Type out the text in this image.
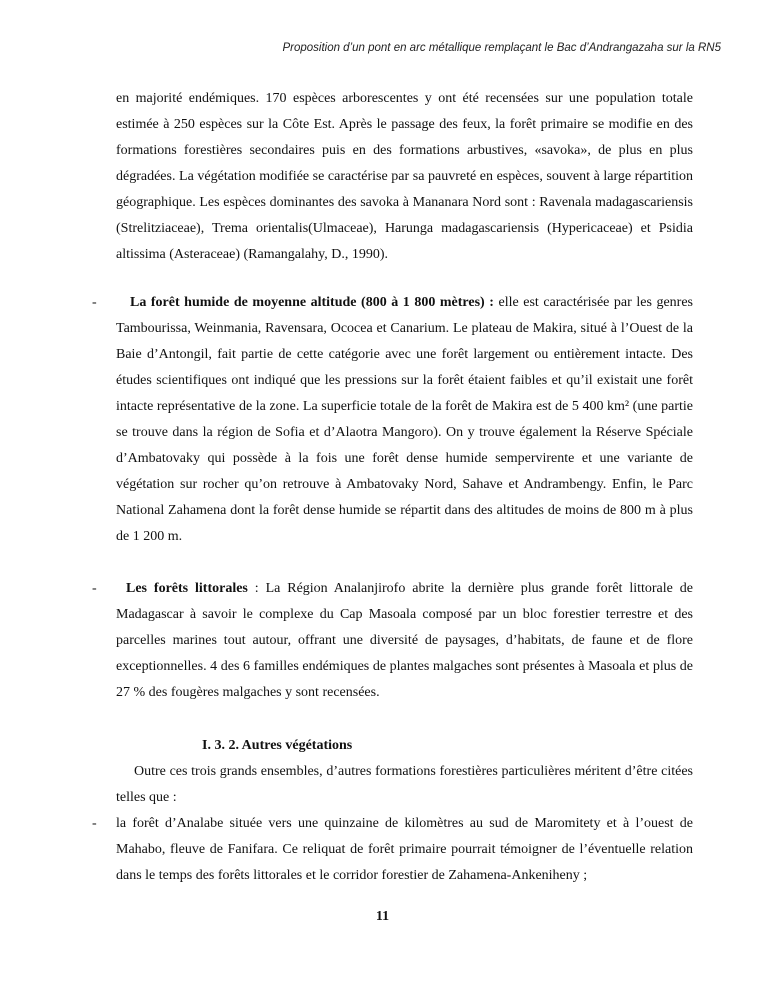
Proposition d’un pont en arc métallique remplaçant le Bac d’Andrangazaha sur la RN5

en majorité endémiques. 170 espèces arborescentes y ont été recensées sur une population totale estimée à 250 espèces sur la Côte Est. Après le passage des feux, la forêt primaire se modifie en des formations forestières secondaires puis en des formations arbustives, «savoka», de plus en plus dégradées. La végétation modifiée se caractérise par sa pauvreté en espèces, souvent à large répartition géographique. Les espèces dominantes des savoka à Mananara Nord sont : Ravenala madagascariensis (Strelitziaceae), Trema orientalis(Ulmaceae), Harunga madagascariensis (Hypericaceae) et Psidia altissima (Asteraceae) (Ramangalahy, D., 1990).

-	La forêt humide de moyenne altitude (800 à 1 800 mètres) : elle est caractérisée par les genres Tambourissa, Weinmania, Ravensara, Ococea et Canarium. Le plateau de Makira, situé à l’Ouest de la Baie d’Antongil, fait partie de cette catégorie avec une forêt largement ou entièrement intacte. Des études scientifiques ont indiqué que les pressions sur la forêt étaient faibles et qu’il existait une forêt intacte représentative de la zone. La superficie totale de la forêt de Makira est de 5 400 km² (une partie se trouve dans la région de Sofia et d’Alaotra Mangoro). On y trouve également la Réserve Spéciale d’Ambatovaky qui possède à la fois une forêt dense humide sempervirente et une variante de végétation sur rocher qu’on retrouve à Ambatovaky Nord, Sahave et Andrambengy. Enfin, le Parc National Zahamena dont la forêt dense humide se répartit dans des altitudes de moins de 800 m à plus de 1 200 m.

-	Les forêts littorales : La Région Analanjirofo abrite la dernière plus grande forêt littorale de Madagascar à savoir le complexe du Cap Masoala composé par un bloc forestier terrestre et des parcelles marines tout autour, offrant une diversité de paysages, d’habitats, de faune et de flore exceptionnelles. 4 des 6 familles endémiques de plantes malgaches sont présentes à Masoala et plus de 27 % des fougères malgaches y sont recensées.

I. 3. 2. Autres végétations

Outre ces trois grands ensembles, d’autres formations forestières particulières méritent d’être citées telles que :

- la forêt d’Analabe située vers une quinzaine de kilomètres au sud de Maromitety et à l’ouest de Mahabo, fleuve de Fanifara. Ce reliquat de forêt primaire pourrait témoigner de l’éventuelle relation dans le temps des forêts littorales et le corridor forestier de Zahamena-Ankeniheny ;

11
